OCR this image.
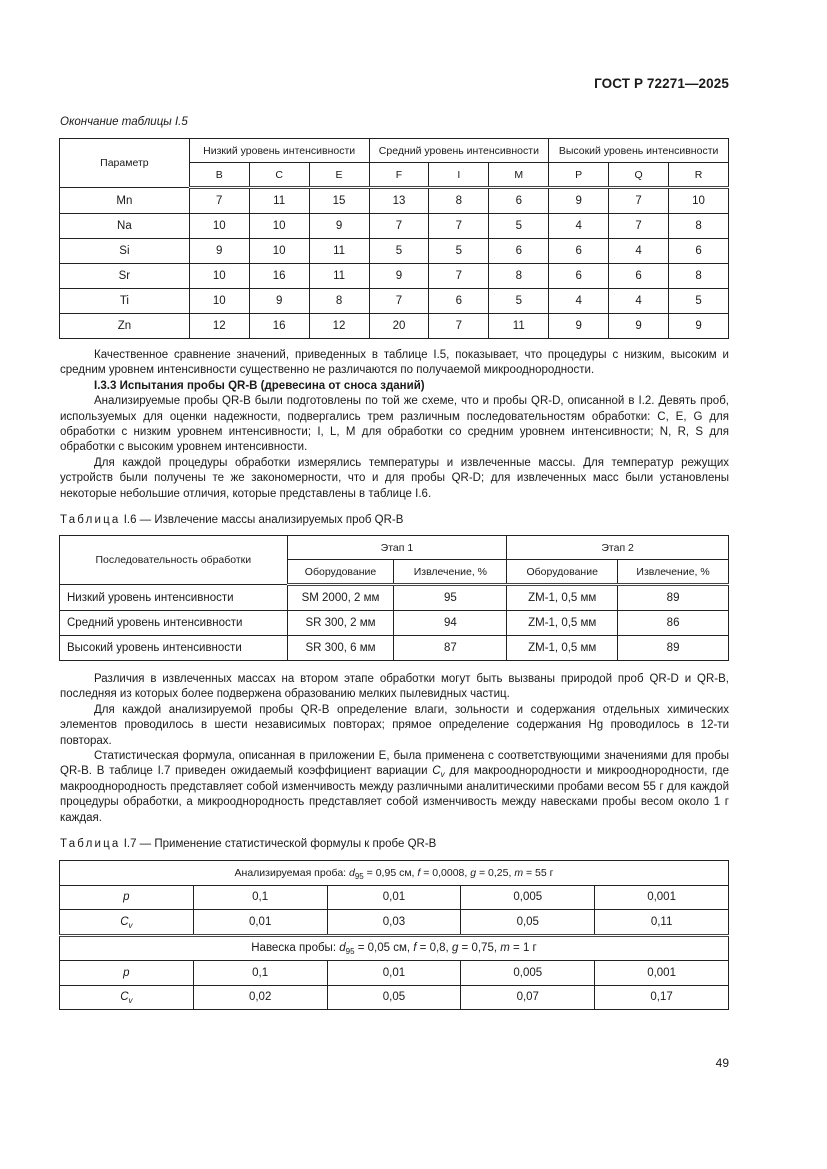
ГОСТ Р 72271—2025
Окончание таблицы I.5
Параметр	Низкий уровень интенсивности			Средний уровень интенсивности			Высокий уровень интенсивности		
	B	C	E	F	I	M	P	Q	R
Mn	7	11	15	13	8	6	9	7	10
Na	10	10	9	7	7	5	4	7	8
Si	9	10	11	5	5	6	6	4	6
Sr	10	16	11	9	7	8	6	6	8
Ti	10	9	8	7	6	5	4	4	5
Zn	12	16	12	20	7	11	9	9	9

Качественное сравнение значений, приведенных в таблице I.5, показывает, что процедуры с низким, высоким и средним уровнем интенсивности существенно не различаются по получаемой микрооднородности.

I.3.3 Испытания пробы QR-B (древесина от сноса зданий)

Анализируемые пробы QR-B были подготовлены по той же схеме, что и пробы QR-D, описанной в I.2. Девять проб, используемых для оценки надежности, подвергались трем различным последовательностям обработки: C, E, G для обработки с низким уровнем интенсивности; I, L, M для обработки со средним уровнем интенсивности; N, R, S для обработки с высоким уровнем интенсивности.

Для каждой процедуры обработки измерялись температуры и извлеченные массы. Для температур режущих устройств были получены те же закономерности, что и для пробы QR-D; для извлеченных масс были установлены некоторые небольшие отличия, которые представлены в таблице I.6.

Таблица I.6 — Извлечение массы анализируемых проб QR-B
Последовательность обработки	Этап 1		Этап 2	
	Оборудование	Извлечение, %	Оборудование	Извлечение, %
Низкий уровень интенсивности	SM 2000, 2 мм	95	ZM-1, 0,5 мм	89
Средний уровень интенсивности	SR 300, 2 мм	94	ZM-1, 0,5 мм	86
Высокий уровень интенсивности	SR 300, 6 мм	87	ZM-1, 0,5 мм	89

Различия в извлеченных массах на втором этапе обработки могут быть вызваны природой проб QR-D и QR-B, последняя из которых более подвержена образованию мелких пылевидных частиц.

Для каждой анализируемой пробы QR-B определение влаги, зольности и содержания отдельных химических элементов проводилось в шести независимых повторах; прямое определение содержания Hg проводилось в 12-ти повторах.

Статистическая формула, описанная в приложении E, была применена с соответствующими значениями для пробы QR-B. В таблице I.7 приведен ожидаемый коэффициент вариации $C_v$ для макрооднородности и микрооднородности, где макрооднородность представляет собой изменчивость между различными аналитическими пробами весом 55 г для каждой процедуры обработки, а микрооднородность представляет собой изменчивость между навесками пробы весом около 1 г каждая.

Таблица I.7 — Применение статистической формулы к пробе QR-B
Анализируемая проба: $d_{95} = 0,95$ см, f = 0,0008, g = 0,25, m = 55 г				
p	0,1	0,01	0,005	0,001
$C_v$	0,01	0,03	0,05	0,11
Навеска пробы: $d_{95} = 0,05$ см, f = 0,8, g = 0,75, m = 1 г				
p	0,1	0,01	0,005	0,001
$C_v$	0,02	0,05	0,07	0,17
49
